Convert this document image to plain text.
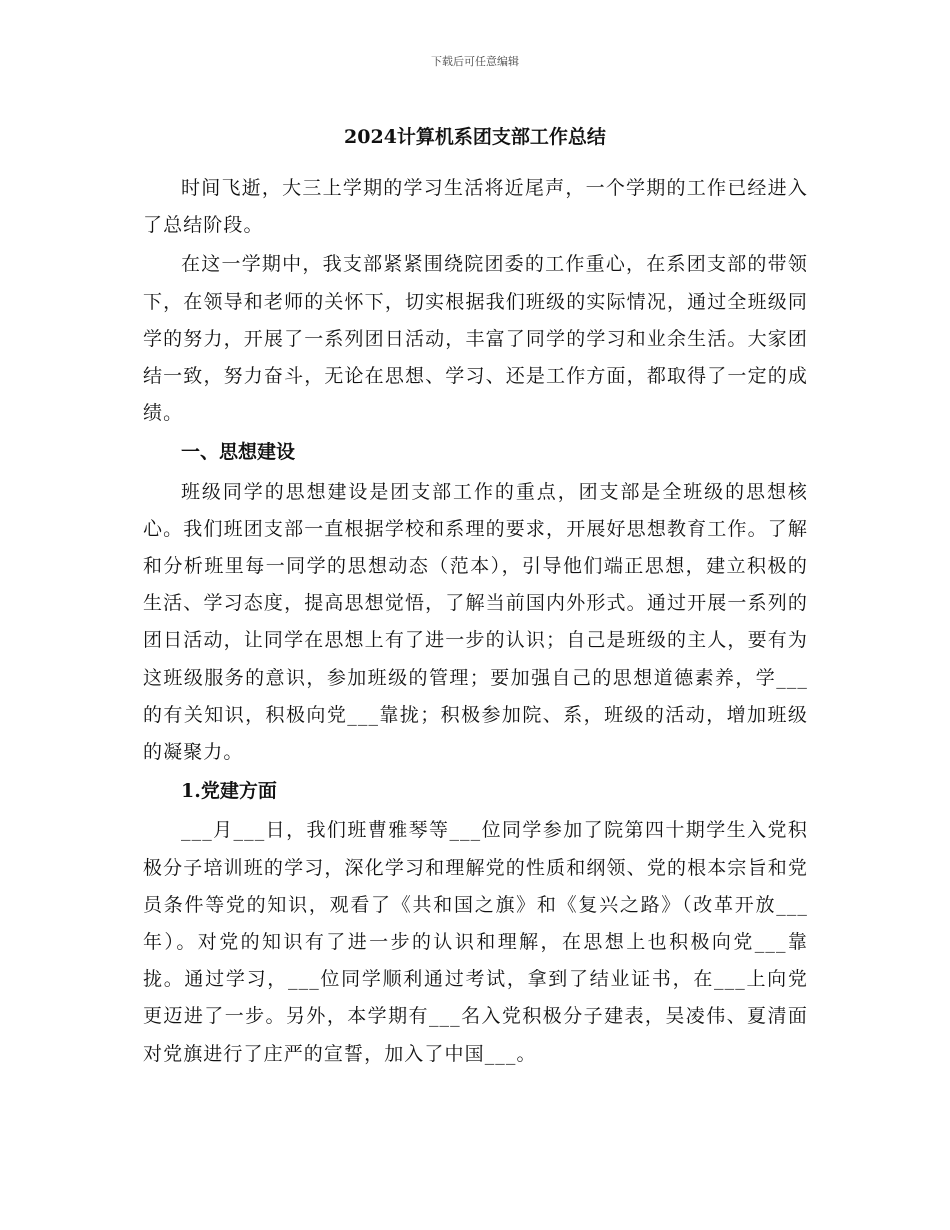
下载后可任意编辑
2024计算机系团支部工作总结

时间飞逝，大三上学期的学习生活将近尾声，一个学期的工作已经进入了总结阶段。

在这一学期中，我支部紧紧围绕院团委的工作重心，在系团支部的带领下，在领导和老师的关怀下，切实根据我们班级的实际情况，通过全班级同学的努力，开展了一系列团日活动，丰富了同学的学习和业余生活。大家团结一致，努力奋斗，无论在思想、学习、还是工作方面，都取得了一定的成绩。

一、思想建设

班级同学的思想建设是团支部工作的重点，团支部是全班级的思想核心。我们班团支部一直根据学校和系理的要求，开展好思想教育工作。了解和分析班里每一同学的思想动态（范本），引导他们端正思想，建立积极的生活、学习态度，提高思想觉悟，了解当前国内外形式。通过开展一系列的团日活动，让同学在思想上有了进一步的认识；自己是班级的主人，要有为这班级服务的意识，参加班级的管理；要加强自己的思想道德素养，学___的有关知识，积极向党___靠拢；积极参加院、系，班级的活动，增加班级的凝聚力。

1.党建方面

___月___日，我们班曹雅琴等___位同学参加了院第四十期学生入党积极分子培训班的学习，深化学习和理解党的性质和纲领、党的根本宗旨和党员条件等党的知识，观看了《共和国之旗》和《复兴之路》（改革开放___年）。对党的知识有了进一步的认识和理解，在思想上也积极向党___靠拢。通过学习，___位同学顺利通过考试，拿到了结业证书，在___上向党更迈进了一步。另外，本学期有___名入党积极分子建表，吴凌伟、夏清面对党旗进行了庄严的宣誓，加入了中国___。
